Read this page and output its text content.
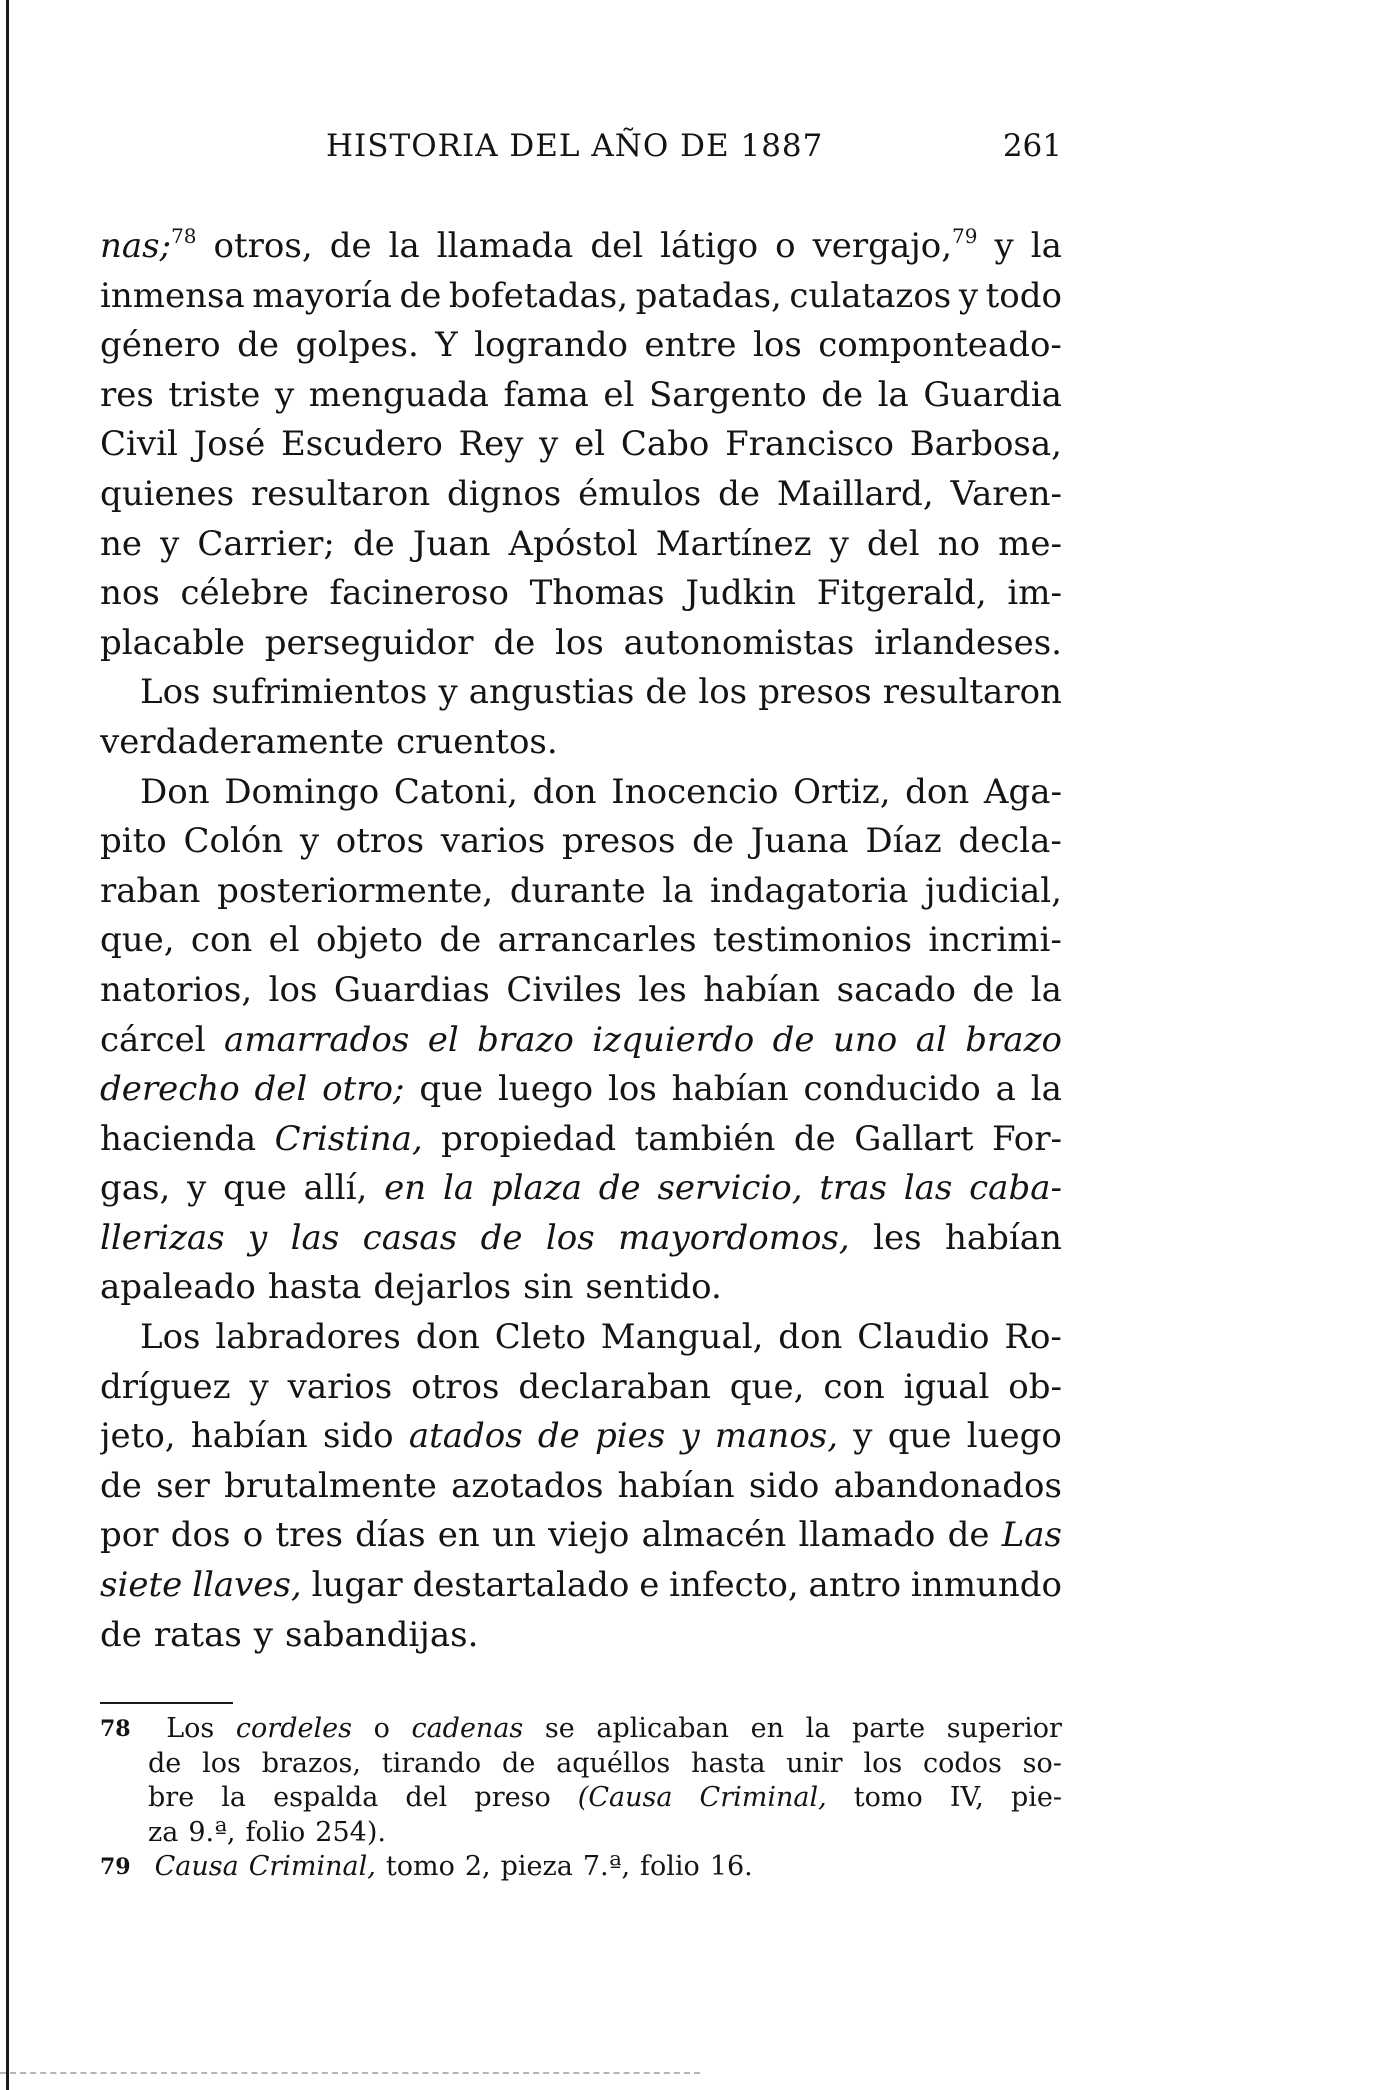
HISTORIA DEL AÑO DE 1887	261
nas;$^{78}$ otros, de la llamada del látigo o vergajo,$^{79}$ y la
inmensa mayoría de bofetadas, patadas, culatazos y todo
género de golpes. Y logrando entre los componteado-
res triste y menguada fama el Sargento de la Guardia
Civil José Escudero Rey y el Cabo Francisco Barbosa,
quienes resultaron dignos émulos de Maillard, Varen-
ne y Carrier; de Juan Apóstol Martínez y del no me-
nos célebre facineroso Thomas Judkin Fitgerald, im-
placable perseguidor de los autonomistas irlandeses.
Los sufrimientos y angustias de los presos resultaron
verdaderamente cruentos.
Don Domingo Catoni, don Inocencio Ortiz, don Aga-
pito Colón y otros varios presos de Juana Díaz decla-
raban posteriormente, durante la indagatoria judicial,
que, con el objeto de arrancarles testimonios incrimi-
natorios, los Guardias Civiles les habían sacado de la
cárcel amarrados el brazo izquierdo de uno al brazo
derecho del otro; que luego los habían conducido a la
hacienda Cristina, propiedad también de Gallart For-
gas, y que allí, en la plaza de servicio, tras las caba-
llerizas y las casas de los mayordomos, les habían
apaleado hasta dejarlos sin sentido.
Los labradores don Cleto Mangual, don Claudio Ro-
dríguez y varios otros declaraban que, con igual ob-
jeto, habían sido atados de pies y manos, y que luego
de ser brutalmente azotados habían sido abandonados
por dos o tres días en un viejo almacén llamado de Las
siete llaves, lugar destartalado e infecto, antro inmundo
de ratas y sabandijas.
78 Los cordeles o cadenas se aplicaban en la parte superior
de los brazos, tirando de aquéllos hasta unir los codos so-
bre la espalda del preso (Causa Criminal, tomo IV, pie-
za 9.ª, folio 254).
79 Causa Criminal, tomo 2, pieza 7.ª, folio 16.
